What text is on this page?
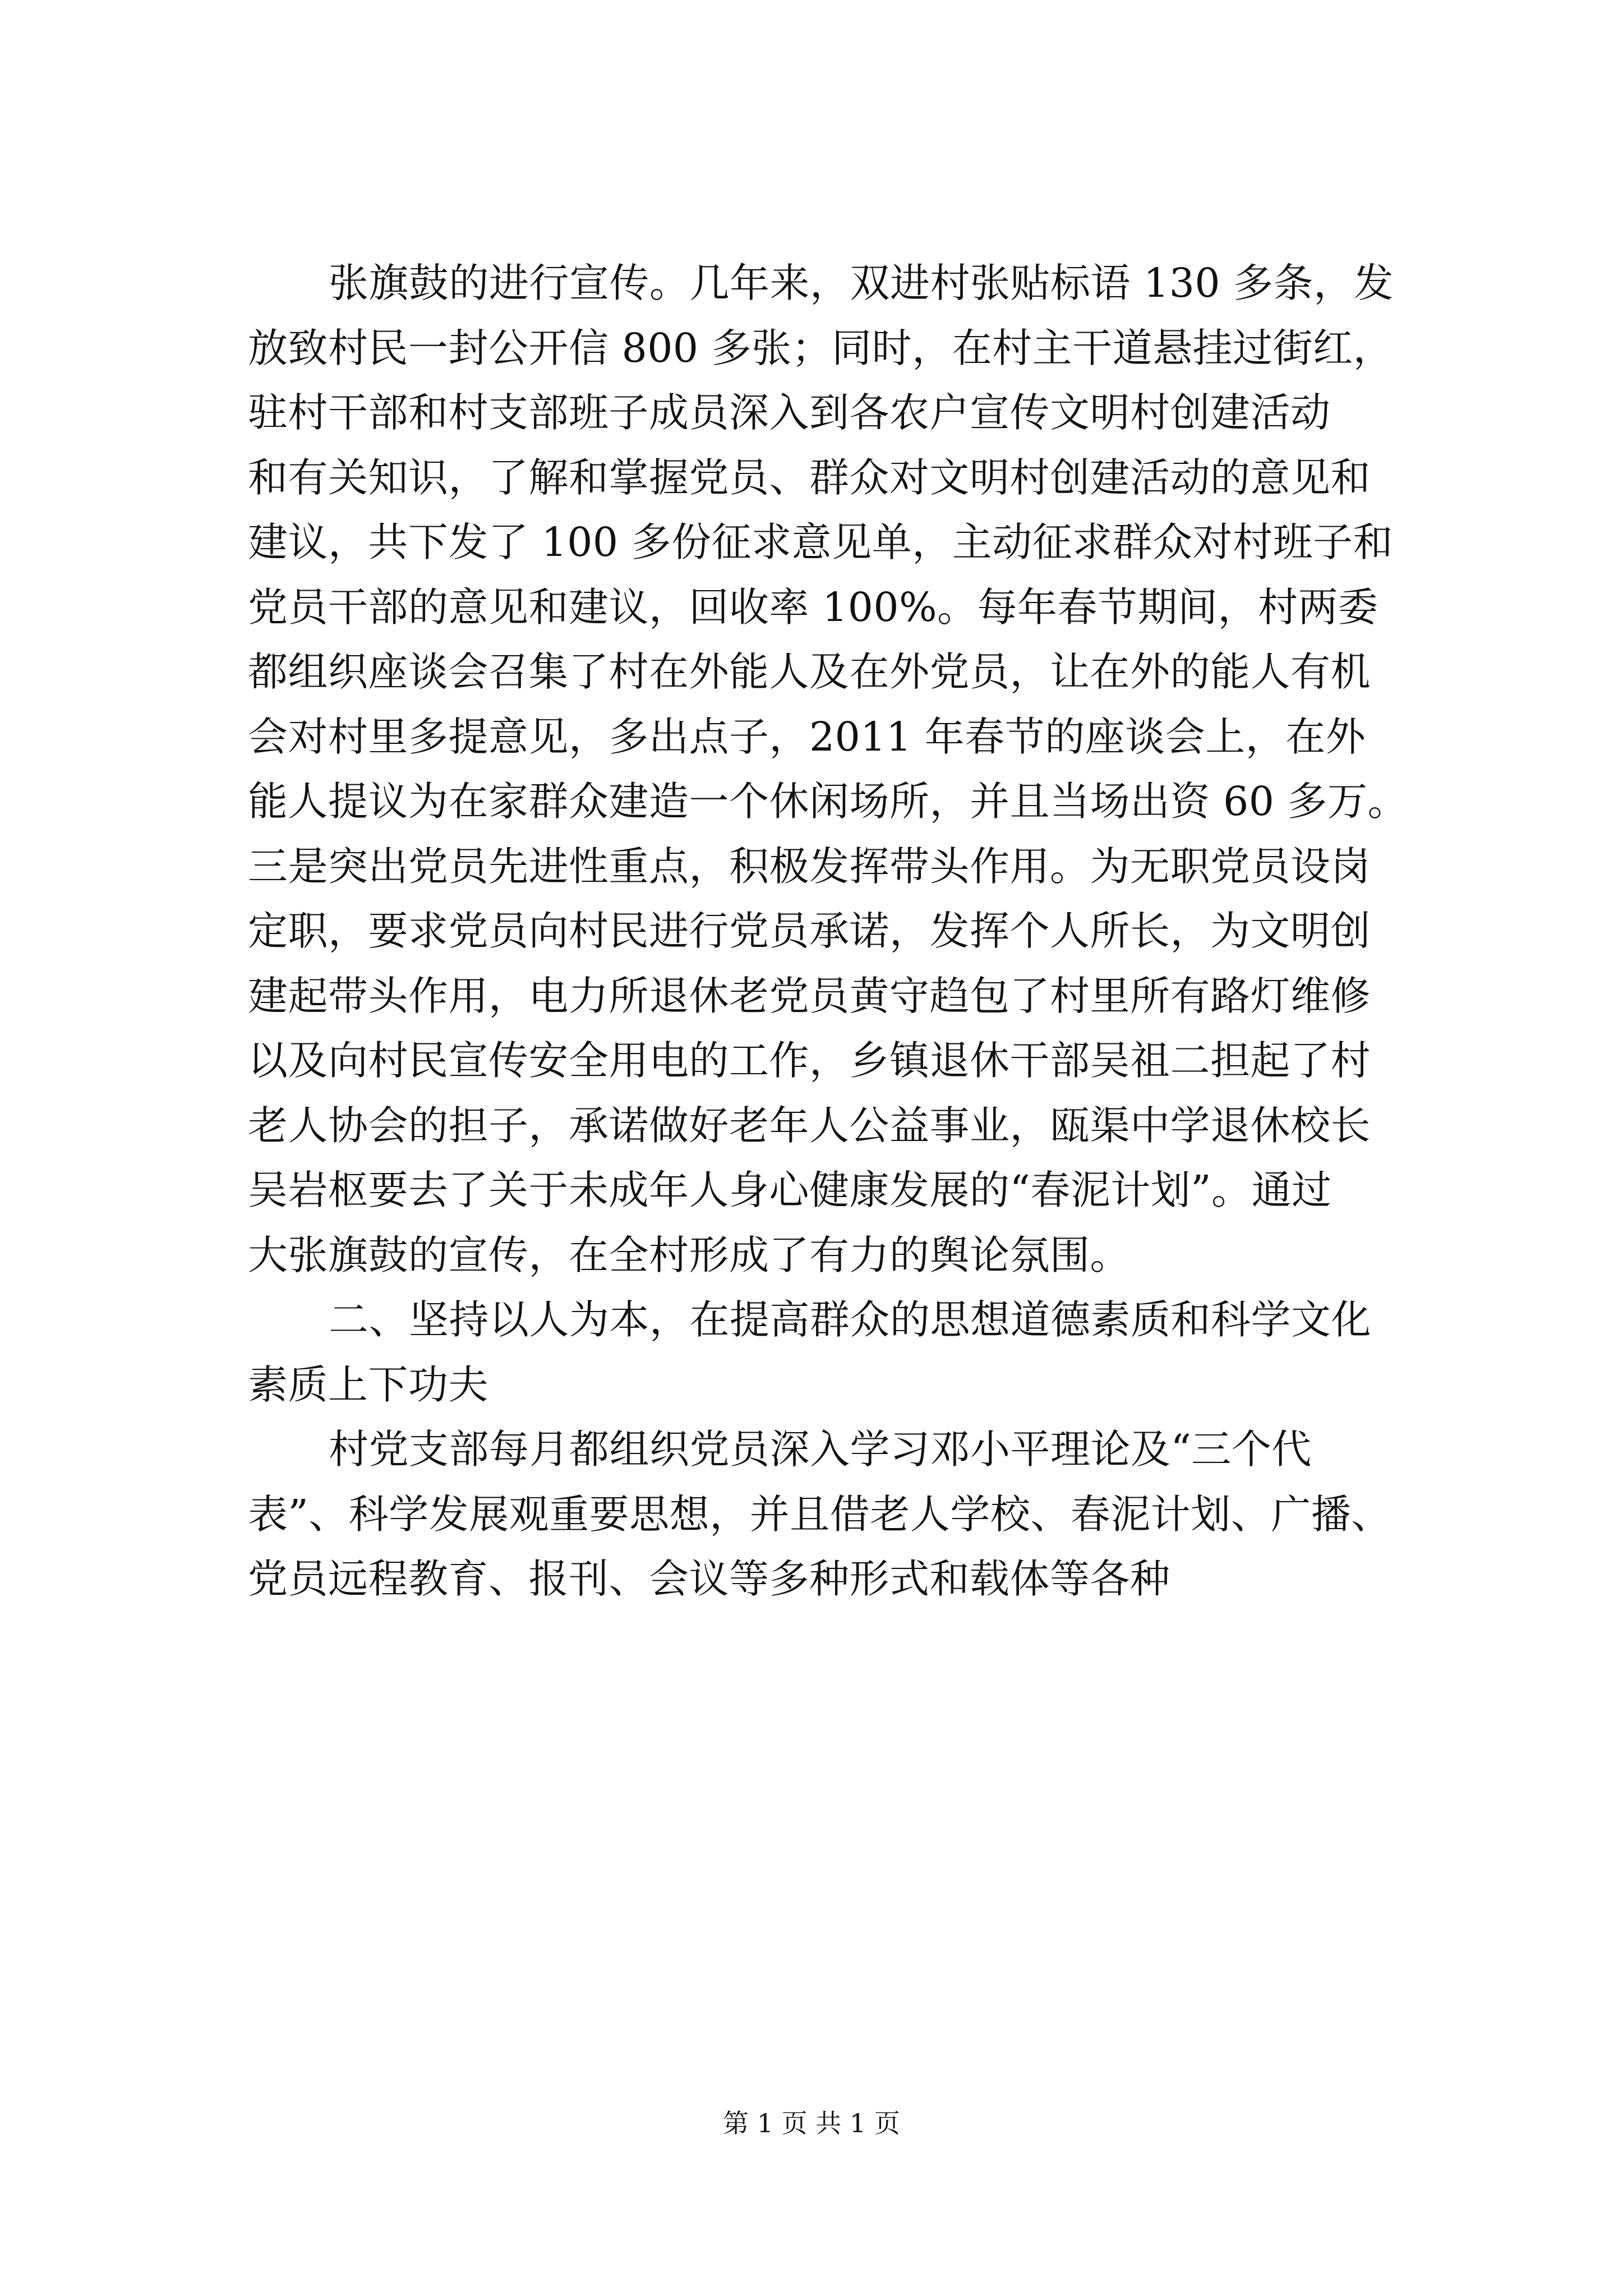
张旗鼓的进行宣传。几年来，双进村张贴标语 130 多条，发
放致村民一封公开信 800 多张；同时，在村主干道悬挂过街红，
驻村干部和村支部班子成员深入到各农户宣传文明村创建活动
和有关知识，了解和掌握党员、群众对文明村创建活动的意见和
建议，共下发了 100 多份征求意见单，主动征求群众对村班子和
党员干部的意见和建议，回收率 100%。每年春节期间，村两委
都组织座谈会召集了村在外能人及在外党员，让在外的能人有机
会对村里多提意见，多出点子，2011 年春节的座谈会上，在外
能人提议为在家群众建造一个休闲场所，并且当场出资 60 多万。
三是突出党员先进性重点，积极发挥带头作用。为无职党员设岗
定职，要求党员向村民进行党员承诺，发挥个人所长，为文明创
建起带头作用，电力所退休老党员黄守趋包了村里所有路灯维修
以及向村民宣传安全用电的工作，乡镇退休干部吴祖二担起了村
老人协会的担子，承诺做好老年人公益事业，瓯渠中学退休校长
吴岩枢要去了关于未成年人身心健康发展的“春泥计划”。通过
大张旗鼓的宣传，在全村形成了有力的舆论氛围。
二、坚持以人为本，在提高群众的思想道德素质和科学文化
素质上下功夫
村党支部每月都组织党员深入学习邓小平理论及“三个代
表”、科学发展观重要思想，并且借老人学校、春泥计划、广播、
党员远程教育、报刊、会议等多种形式和载体等各种
第 1 页 共 1 页
